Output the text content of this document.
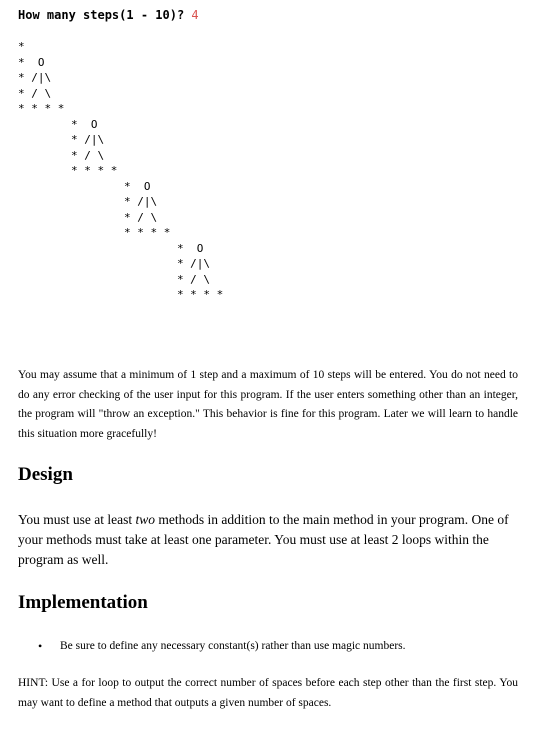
How many steps(1 - 10)? 4
*
*  O
* /|\
* / \
* * * *
*  O
* /|\
* / \
* * * *
*  O
* /|\
* / \
* * * *
*  O
* /|\
* / \
* * * *

You may assume that a minimum of 1 step and a maximum of 10 steps will be entered. You do not need to do any error checking of the user input for this program. If the user enters something other than an integer, the program will "throw an exception." This behavior is fine for this program. Later we will learn to handle this situation more gracefully!

Design

You must use at least two methods in addition to the main method in your program. One of your methods must take at least one parameter. You must use at least 2 loops within the program as well.

Implementation
• Be sure to define any necessary constant(s) rather than use magic numbers.

HINT: Use a for loop to output the correct number of spaces before each step other than the first step. You may want to define a method that outputs a given number of spaces.
